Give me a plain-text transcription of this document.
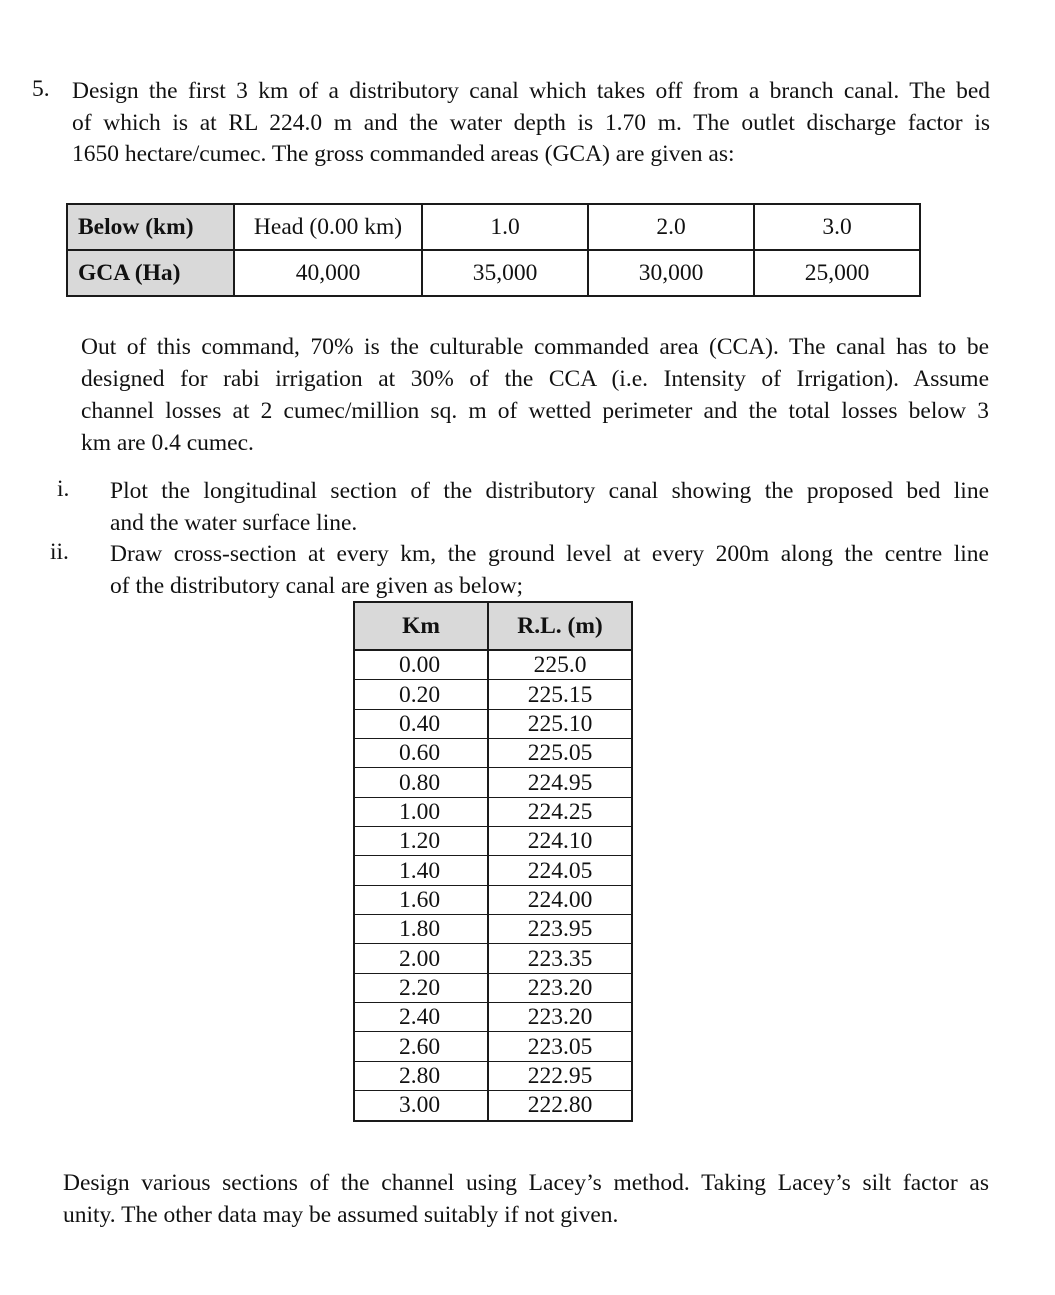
5. Design the first 3 km of a distributory canal which takes off from a branch canal. The bed
of which is at RL 224.0 m and the water depth is 1.70 m. The outlet discharge factor is
1650 hectare/cumec. The gross commanded areas (GCA) are given as:
Below (km)	Head (0.00 km)	1.0	2.0	3.0
GCA (Ha)	40,000	35,000	30,000	25,000
Out of this command, 70% is the culturable commanded area (CCA). The canal has to be
designed for rabi irrigation at 30% of the CCA (i.e. Intensity of Irrigation). Assume
channel losses at 2 cumec/million sq. m of wetted perimeter and the total losses below 3
km are 0.4 cumec.
i. Plot the longitudinal section of the distributory canal showing the proposed bed line
and the water surface line.
ii. Draw cross-section at every km, the ground level at every 200m along the centre line
of the distributory canal are given as below;
Km	R.L. (m)
0.00	225.0
0.20	225.15
0.40	225.10
0.60	225.05
0.80	224.95
1.00	224.25
1.20	224.10
1.40	224.05
1.60	224.00
1.80	223.95
2.00	223.35
2.20	223.20
2.40	223.20
2.60	223.05
2.80	222.95
3.00	222.80
Design various sections of the channel using Lacey’s method. Taking Lacey’s silt factor as
unity. The other data may be assumed suitably if not given.
